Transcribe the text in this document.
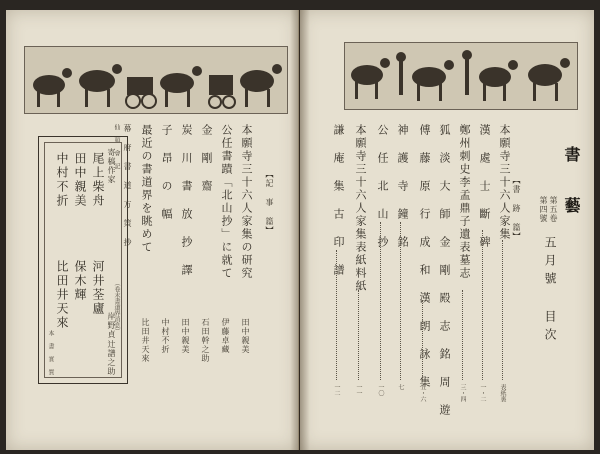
書 藝
第五卷
第四號
五月號 目次
【書 跡 篇】
本願寺三十六人家集
表紙裏
漢 處 士 斷 碑
一・二
鄭州刺史李孟鼎子遺表墓志
三・四
狐 淡 大 師 金 剛 殿 志 銘 周 遊
傅 藤 原 行 成 和 漢 朗 詠 集
五・六
神 護 寺 鐘 銘
七
公 任 北 山 抄
一〇
本願寺三十六人家集表紙料紙
一一
謙 庵 集 古 印 譜
一二
【記 事 篇】
本願寺三十六人家集の研究
田中親美
公任書蹟「北山抄」に就て
伊藤卓藏
金 剛 齋
石田幹之助
炭 川 書 放 抄 譯
田中親美
子 昂 の 幅
中村不折
最近の書道界を眺めて
比田井天來
幕 府 書 道 方 策 抄
仙 頭 會 記
（卷末書道界消息）
寄稿作家
尾上柴舟
河井荃廬
田中親美
保木輝
中村不折
比田井天來	岸野貞
辻譜之助
本 書 實 質
